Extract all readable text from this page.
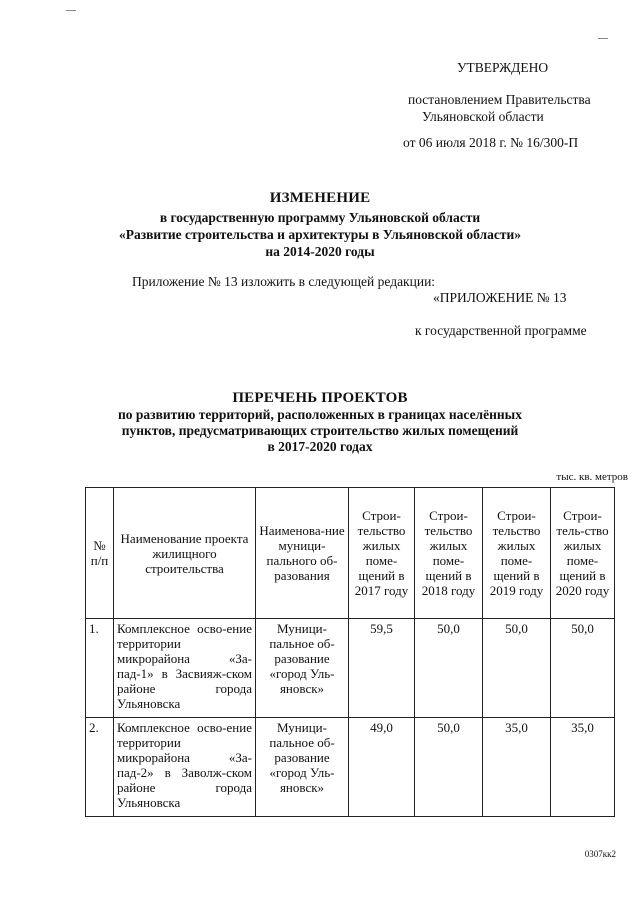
УТВЕРЖДЕНО
постановлением Правительства
Ульяновской области
от 06 июля 2018 г. № 16/300-П
ИЗМЕНЕНИЕ
в государственную программу Ульяновской области
«Развитие строительства и архитектуры в Ульяновской области»
на 2014-2020 годы
Приложение № 13 изложить в следующей редакции:
«ПРИЛОЖЕНИЕ № 13
к государственной программе
ПЕРЕЧЕНЬ ПРОЕКТОВ
по развитию территорий, расположенных в границах населённых
пунктов, предусматривающих строительство жилых помещений
в 2017-2020 годах
тыс. кв. метров
№ п/п	Наименование проекта жилищного строительства	Наименова-ние муници-пального об-разования	Строи-тельство жилых поме-щений в 2017 году	Строи-тельство жилых поме-щений в 2018 году	Строи-тельство жилых поме-щений в 2019 году	Строи-тель-ство жилых поме-щений в 2020 году
1.	Комплексное осво-ение территории микрорайона «За-пад-1» в Засвияж-ском районе города Ульяновска	Муници-пальное об-разование «город Уль-яновск»	59,5	50,0	50,0	50,0
2.	Комплексное осво-ение территории микрорайона «За-пад-2» в Заволж-ском районе города Ульяновска	Муници-пальное об-разование «город Уль-яновск»	49,0	50,0	35,0	35,0
0307кк2
